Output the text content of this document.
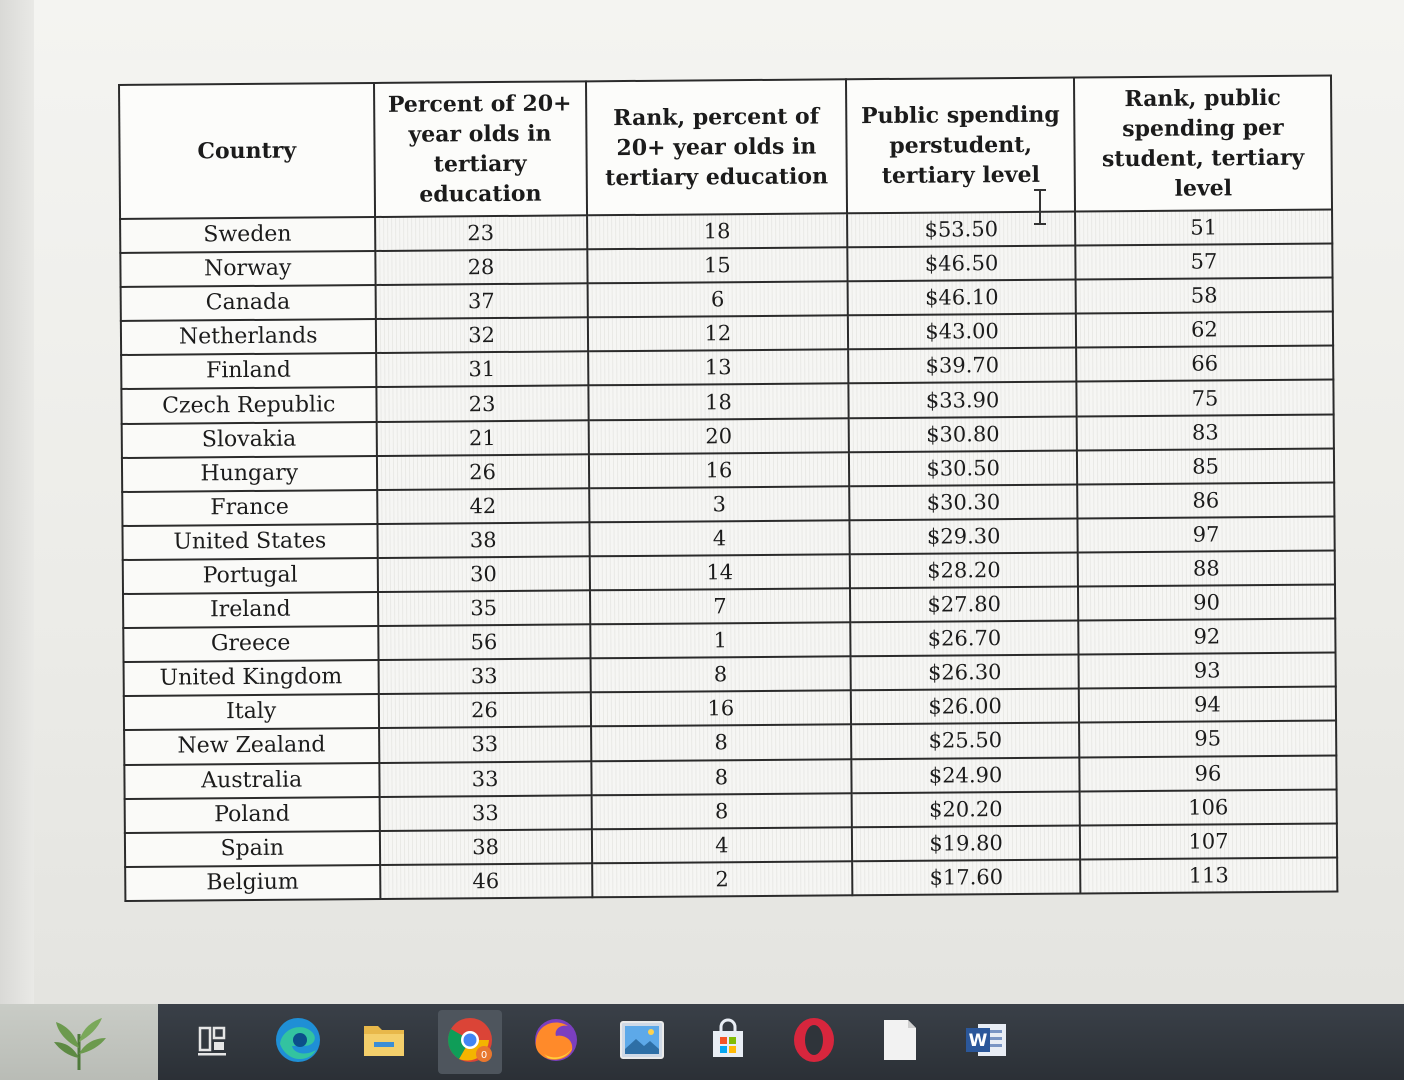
Country	Percent of 20+ year olds in tertiary education	Rank, percent of 20+ year olds in tertiary education	Public spending perstudent, tertiary level	Rank, public spending per student, tertiary level
Sweden	23	18	$53.50	51
Norway	28	15	$46.50	57
Canada	37	6	$46.10	58
Netherlands	32	12	$43.00	62
Finland	31	13	$39.70	66
Czech Republic	23	18	$33.90	75
Slovakia	21	20	$30.80	83
Hungary	26	16	$30.50	85
France	42	3	$30.30	86
United States	38	4	$29.30	97
Portugal	30	14	$28.20	88
Ireland	35	7	$27.80	90
Greece	56	1	$26.70	92
United Kingdom	33	8	$26.30	93
Italy	26	16	$26.00	94
New Zealand	33	8	$25.50	95
Australia	33	8	$24.90	96
Poland	33	8	$20.20	106
Spain	38	4	$19.80	107
Belgium	46	2	$17.60	113
0
W
